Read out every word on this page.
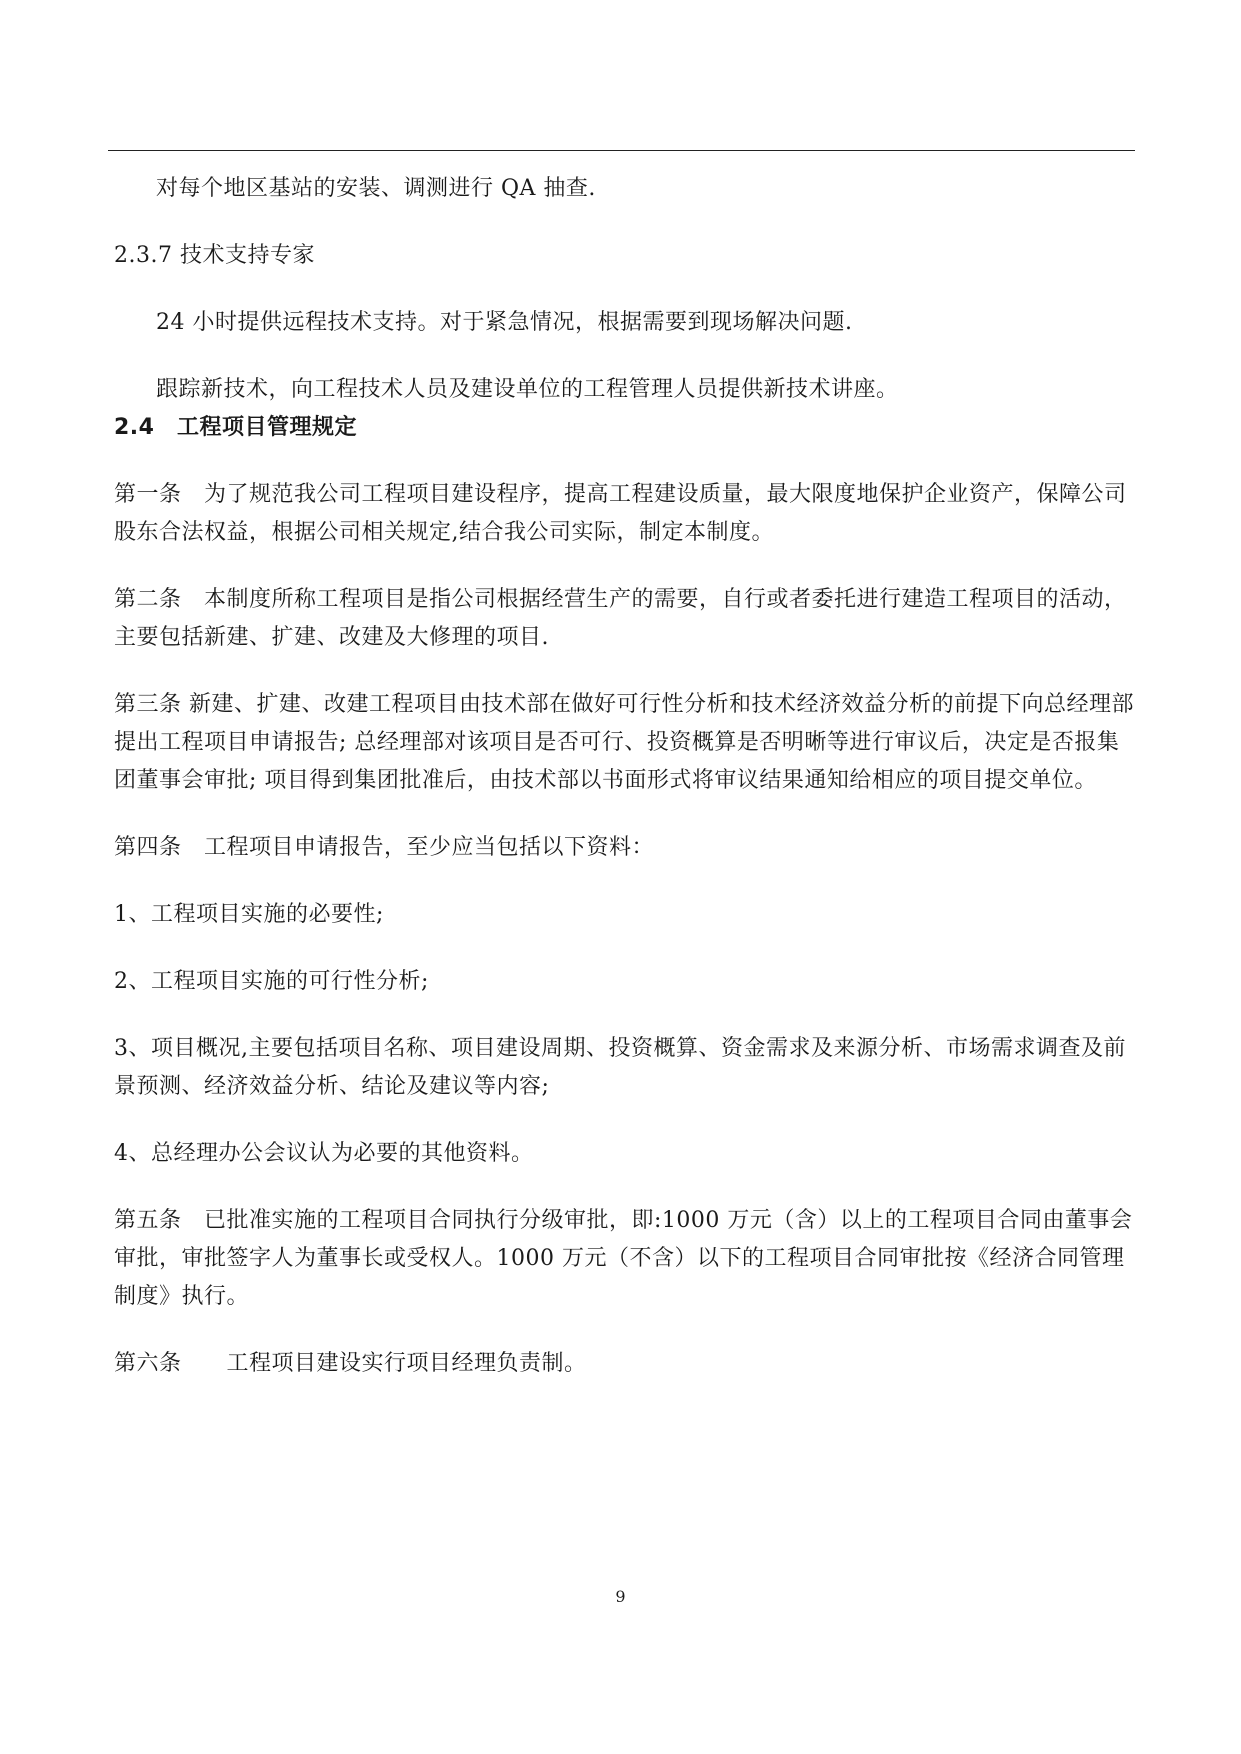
对每个地区基站的安装、调测进行 QA 抽查.

2.3.7 技术支持专家

24 小时提供远程技术支持。对于紧急情况，根据需要到现场解决问题.

跟踪新技术，向工程技术人员及建设单位的工程管理人员提供新技术讲座。

2.4　工程项目管理规定

第一条　为了规范我公司工程项目建设程序，提高工程建设质量，最大限度地保护企业资产，保障公司股东合法权益，根据公司相关规定,结合我公司实际，制定本制度。

第二条　本制度所称工程项目是指公司根据经营生产的需要，自行或者委托进行建造工程项目的活动，主要包括新建、扩建、改建及大修理的项目.

第三条 新建、扩建、改建工程项目由技术部在做好可行性分析和技术经济效益分析的前提下向总经理部提出工程项目申请报告; 总经理部对该项目是否可行、投资概算是否明晰等进行审议后，决定是否报集团董事会审批; 项目得到集团批准后，由技术部以书面形式将审议结果通知给相应的项目提交单位。

第四条　工程项目申请报告，至少应当包括以下资料：

1、工程项目实施的必要性;

2、工程项目实施的可行性分析;

3、项目概况,主要包括项目名称、项目建设周期、投资概算、资金需求及来源分析、市场需求调查及前景预测、经济效益分析、结论及建议等内容;

4、总经理办公会议认为必要的其他资料。

第五条　已批准实施的工程项目合同执行分级审批，即:1000 万元（含）以上的工程项目合同由董事会审批，审批签字人为董事长或受权人。1000 万元（不含）以下的工程项目合同审批按《经济合同管理制度》执行。

第六条　　工程项目建设实行项目经理负责制。

9
